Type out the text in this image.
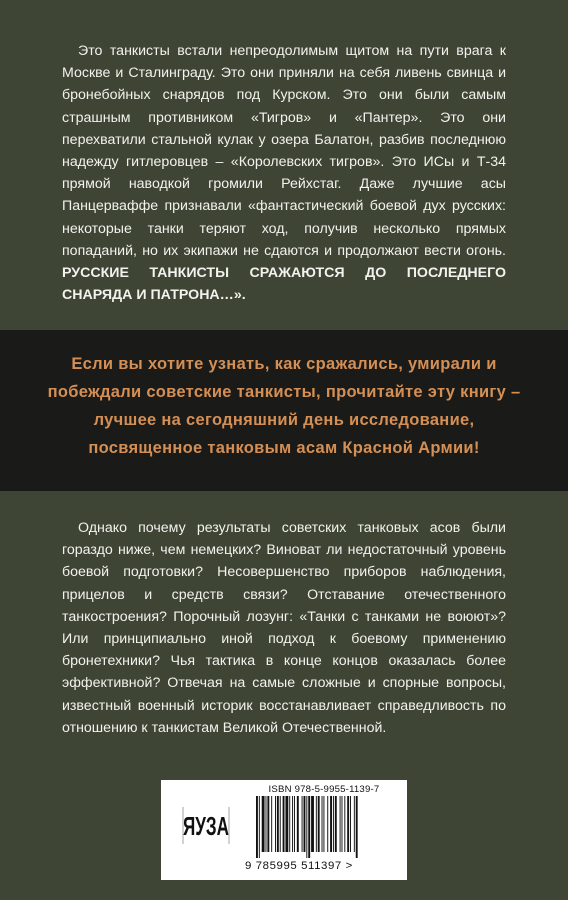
Это танкисты встали непреодолимым щитом на пути врага к Москве и Сталинграду. Это они приняли на себя ливень свинца и бронебойных снарядов под Курском. Это они были самым страшным противником «Тигров» и «Пантер». Это они перехватили стальной кулак у озера Балатон, разбив последнюю надежду гитлеровцев – «Королевских тигров». Это ИСы и Т-34 прямой наводкой громили Рейхстаг. Даже лучшие асы Панцерваффе признавали «фантастический боевой дух русских: некоторые танки теряют ход, получив несколько прямых попаданий, но их экипажи не сдаются и продолжают вести огонь. РУССКИЕ ТАНКИСТЫ СРАЖАЮТСЯ ДО ПОСЛЕДНЕГО СНАРЯДА И ПАТРОНА…».

Если вы хотите узнать, как сражались, умирали и побеждали советские танкисты, прочитайте эту книгу – лучшее на сегодняшний день исследование, посвященное танковым асам Красной Армии!

Однако почему результаты советских танковых асов были гораздо ниже, чем немецких? Виноват ли недостаточный уровень боевой подготовки? Несовершенство приборов наблюдения, прицелов и средств связи? Отставание отечественного танкостроения? Порочный лозунг: «Танки с танками не воюют»? Или принципиально иной подход к боевому применению бронетехники? Чья тактика в конце концов оказалась более эффективной? Отвечая на самые сложные и спорные вопросы, известный военный историк восстанавливает справедливость по отношению к танкистам Великой Отечественной.

ЯУЗА
ISBN 978-5-9955-1139-7
9 785995 511397 >
